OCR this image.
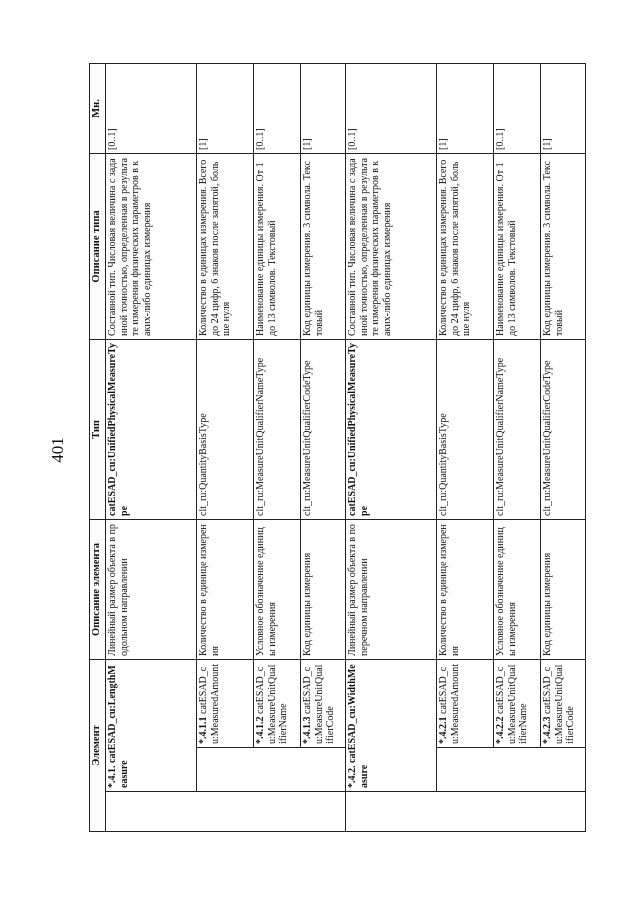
401
Элемент			Описание элемента	Тип	Описание типа	Мн.
	*.4.1. catESAD_cu:LengthMeasure		Линейный размер объекта в продольном направлении	catESAD_cu:UnifiedPhysicalMeasureType	Составной тип. Числовая величина с заданной точностью, определенная в результате измерения физических параметров в каких-либо единицах измерения	[0..1]
		*.4.1.1 catESAD_cu:MeasuredAmount	Количество в единице измерения	clt_ru:QuantityBasisType	Количество в единицах измерения. Всего до 24 цифр, 6 знаков после запятой, больше нуля	[1]
		*.4.1.2 catESAD_cu:MeasureUnitQualifierName	Условное обозначение единицы измерения	clt_ru:MeasureUnitQualifierNameType	Наименование единицы измерения. От 1 до 13 символов. Текстовый	[0..1]
		*.4.1.3 catESAD_cu:MeasureUnitQualifierCode	Код единицы измерения	clt_ru:MeasureUnitQualifierCodeType	Код единицы измерения. 3 символа. Текстовый	[1]
	*.4.2. catESAD_cu:WidthMeasure		Линейный размер объекта в поперечном направлении	catESAD_cu:UnifiedPhysicalMeasureType	Составной тип. Числовая величина с заданной точностью, определенная в результате измерения физических параметров в каких-либо единицах измерения	[0..1]
		*.4.2.1 catESAD_cu:MeasuredAmount	Количество в единице измерения	clt_ru:QuantityBasisType	Количество в единицах измерения. Всего до 24 цифр, 6 знаков после запятой, больше нуля	[1]
		*.4.2.2 catESAD_cu:MeasureUnitQualifierName	Условное обозначение единицы измерения	clt_ru:MeasureUnitQualifierNameType	Наименование единицы измерения. От 1 до 13 символов. Текстовый	[0..1]
		*.4.2.3 catESAD_cu:MeasureUnitQualifierCode	Код единицы измерения	clt_ru:MeasureUnitQualifierCodeType	Код единицы измерения. 3 символа. Текстовый	[1]
